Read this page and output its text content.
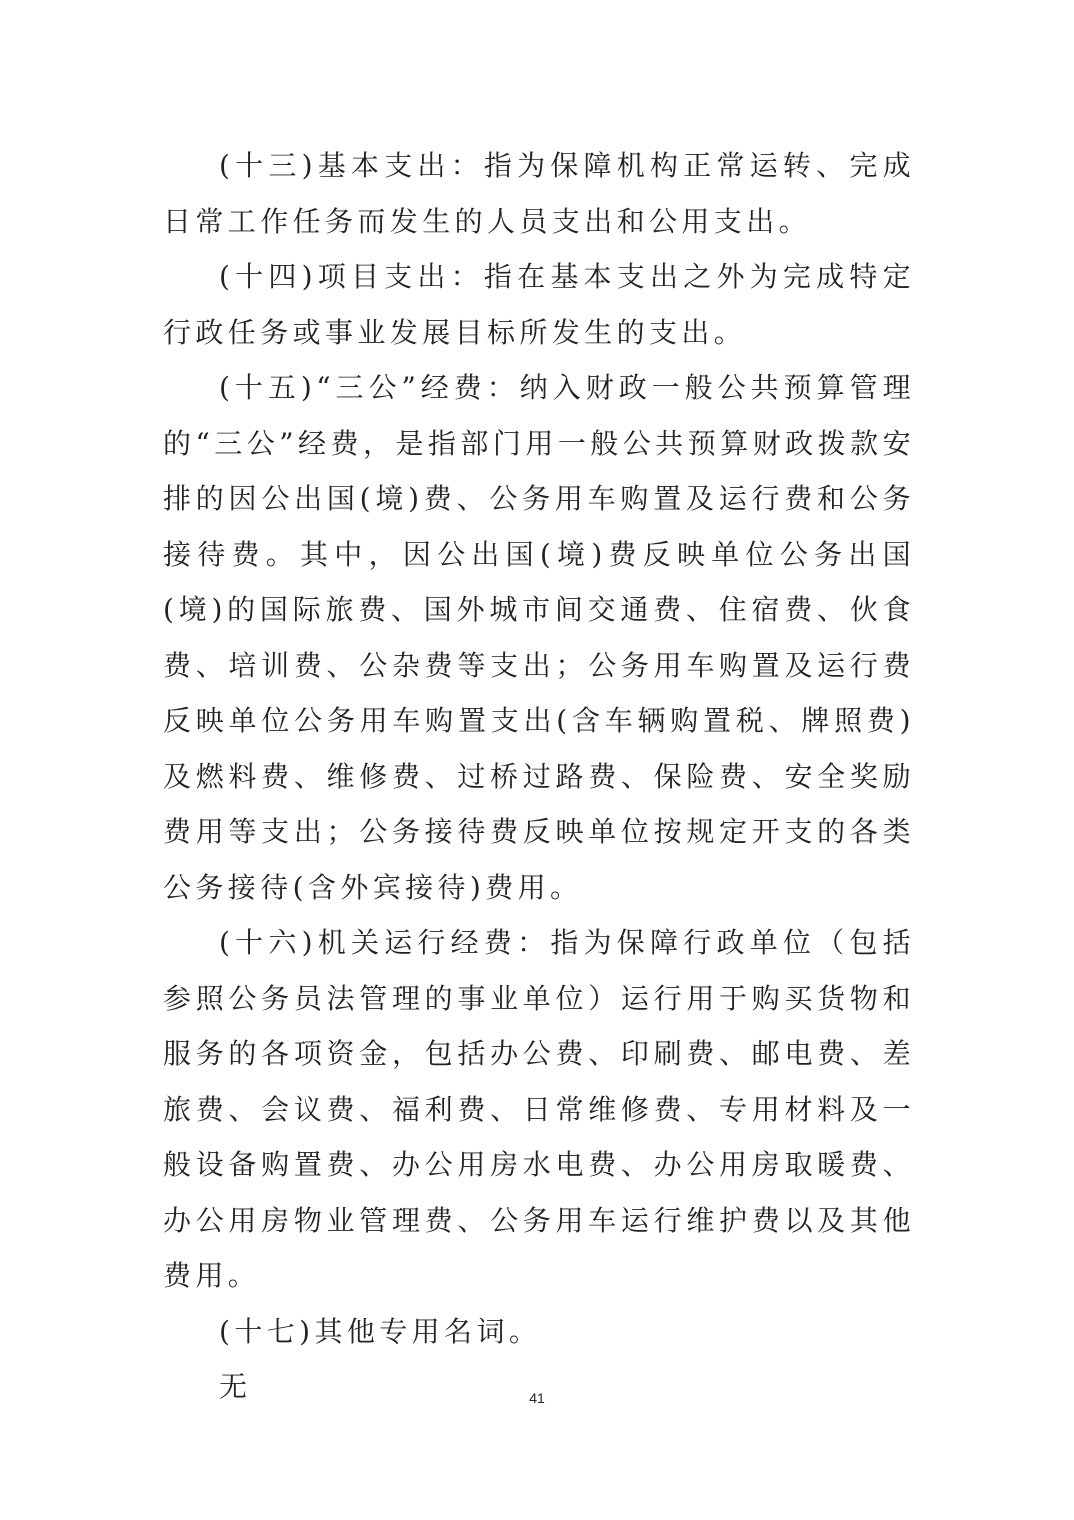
(十三)基本支出：指为保障机构正常运转、完成日常工作任务而发生的人员支出和公用支出。

(十四)项目支出：指在基本支出之外为完成特定行政任务或事业发展目标所发生的支出。

(十五)“三公”经费：纳入财政一般公共预算管理的“三公”经费，是指部门用一般公共预算财政拨款安排的因公出国(境)费、公务用车购置及运行费和公务接待费。其中，因公出国(境)费反映单位公务出国(境)的国际旅费、国外城市间交通费、住宿费、伙食费、培训费、公杂费等支出；公务用车购置及运行费反映单位公务用车购置支出(含车辆购置税、牌照费)及燃料费、维修费、过桥过路费、保险费、安全奖励费用等支出；公务接待费反映单位按规定开支的各类公务接待(含外宾接待)费用。

(十六)机关运行经费：指为保障行政单位（包括参照公务员法管理的事业单位）运行用于购买货物和服务的各项资金，包括办公费、印刷费、邮电费、差旅费、会议费、福利费、日常维修费、专用材料及一般设备购置费、办公用房水电费、办公用房取暖费、办公用房物业管理费、公务用车运行维护费以及其他费用。

(十七)其他专用名词。

无	41
